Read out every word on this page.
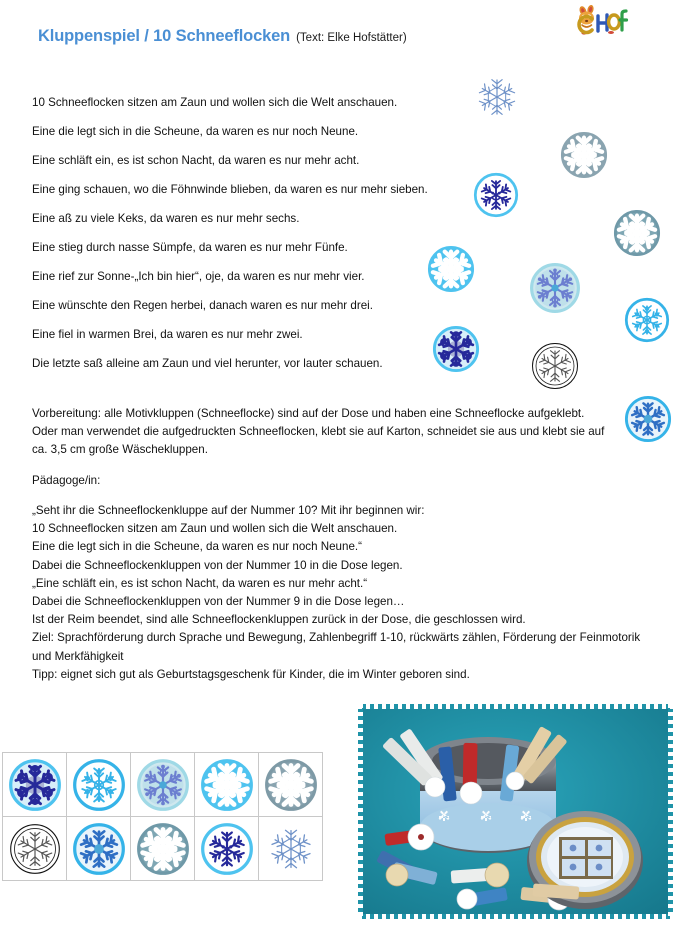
Kluppenspiel / 10 Schneeflocken (Text: Elke Hofstätter)
10 Schneeflocken sitzen am Zaun und wollen sich die Welt anschauen.
Eine die legt sich in die Scheune, da waren es nur noch Neune.
Eine schläft ein, es ist schon Nacht, da waren es nur mehr acht.
Eine ging schauen, wo die Föhnwinde blieben, da waren es nur mehr sieben.
Eine aß zu viele Keks, da waren es nur mehr sechs.
Eine stieg durch nasse Sümpfe, da waren es nur mehr Fünfe.
Eine rief zur Sonne-„Ich bin hier“, oje, da waren es nur mehr vier.
Eine wünschte den Regen herbei, danach waren es nur mehr drei.
Eine fiel in warmen Brei, da waren es nur mehr zwei.
Die letzte saß alleine am Zaun und viel herunter, vor lauter schauen.

Vorbereitung: alle Motivkluppen (Schneeflocke) sind auf der Dose und haben eine Schneeflocke aufgeklebt. Oder man verwendet die aufgedruckten Schneeflocken, klebt sie auf Karton, schneidet sie aus und klebt sie auf ca. 3,5 cm große Wäschekluppen.

Pädagoge/in:
„Seht ihr die Schneeflockenkluppe auf der Nummer 10? Mit ihr beginnen wir:
10 Schneeflocken sitzen am Zaun und wollen sich die Welt anschauen.
Eine die legt sich in die Scheune, da waren es nur noch Neune.“
Dabei die Schneeflockenkluppen von der Nummer 10 in die Dose legen.
„Eine schläft ein, es ist schon Nacht, da waren es nur mehr acht.“
Dabei die Schneeflockenkluppen von der Nummer 9 in die Dose legen…
Ist der Reim beendet, sind alle Schneeflockenkluppen zurück in der Dose, die geschlossen wird.
Ziel: Sprachförderung durch Sprache und Bewegung, Zahlenbegriff 1-10, rückwärts zählen, Förderung der Feinmotorik und Merkfähigkeit
Tipp: eignet sich gut als Geburtstagsgeschenk für Kinder, die im Winter geboren sind.
